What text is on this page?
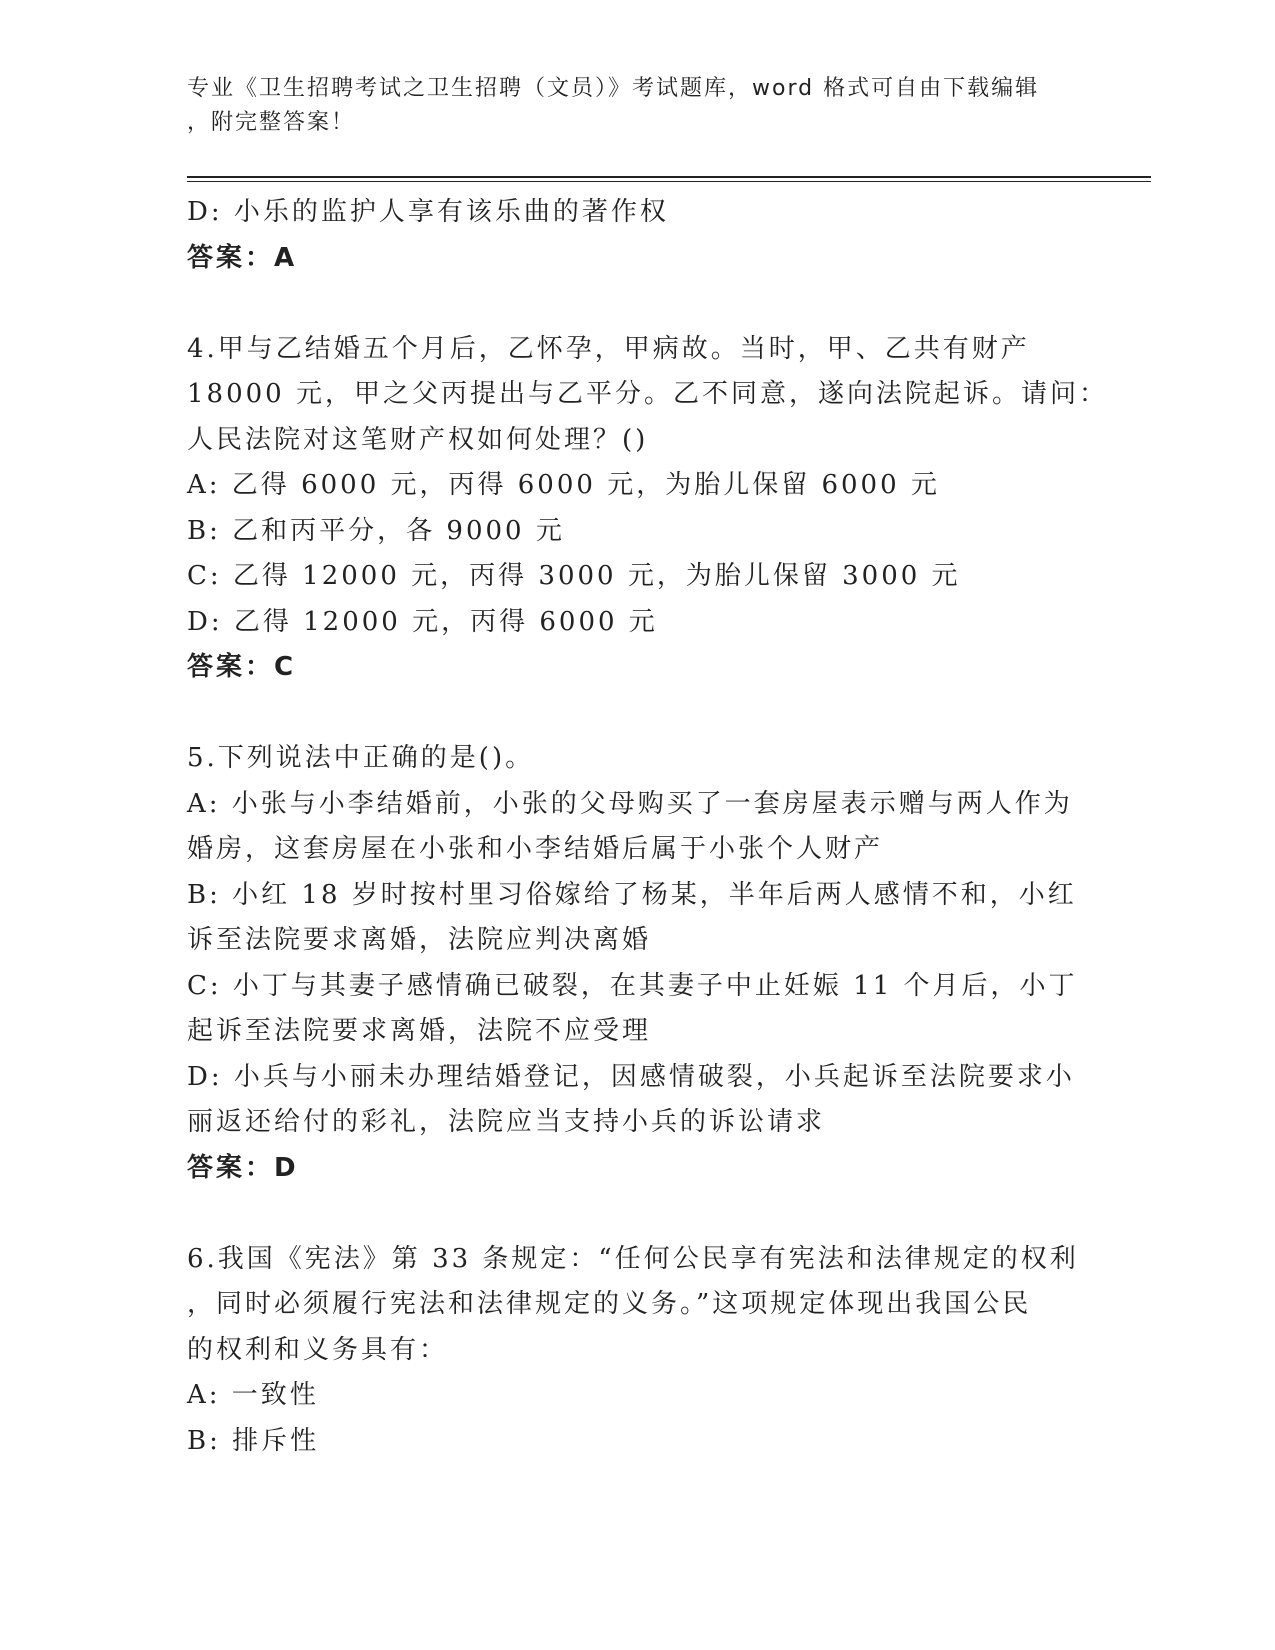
专业《卫生招聘考试之卫生招聘（文员）》考试题库，word 格式可自由下载编辑
，附完整答案！
D: 小乐的监护人享有该乐曲的著作权
答案：A
4.甲与乙结婚五个月后，乙怀孕，甲病故。当时，甲、乙共有财产
18000 元，甲之父丙提出与乙平分。乙不同意，遂向法院起诉。请问：
人民法院对这笔财产权如何处理？()
A: 乙得 6000 元，丙得 6000 元，为胎儿保留 6000 元
B: 乙和丙平分，各 9000 元
C: 乙得 12000 元，丙得 3000 元，为胎儿保留 3000 元
D: 乙得 12000 元，丙得 6000 元
答案：C
5.下列说法中正确的是()。
A: 小张与小李结婚前，小张的父母购买了一套房屋表示赠与两人作为
婚房，这套房屋在小张和小李结婚后属于小张个人财产
B: 小红 18 岁时按村里习俗嫁给了杨某，半年后两人感情不和，小红
诉至法院要求离婚，法院应判决离婚
C: 小丁与其妻子感情确已破裂，在其妻子中止妊娠 11 个月后，小丁
起诉至法院要求离婚，法院不应受理
D: 小兵与小丽未办理结婚登记，因感情破裂，小兵起诉至法院要求小
丽返还给付的彩礼，法院应当支持小兵的诉讼请求
答案：D
6.我国《宪法》第 33 条规定：“任何公民享有宪法和法律规定的权利
，同时必须履行宪法和法律规定的义务。”这项规定体现出我国公民
的权利和义务具有：
A: 一致性
B: 排斥性
